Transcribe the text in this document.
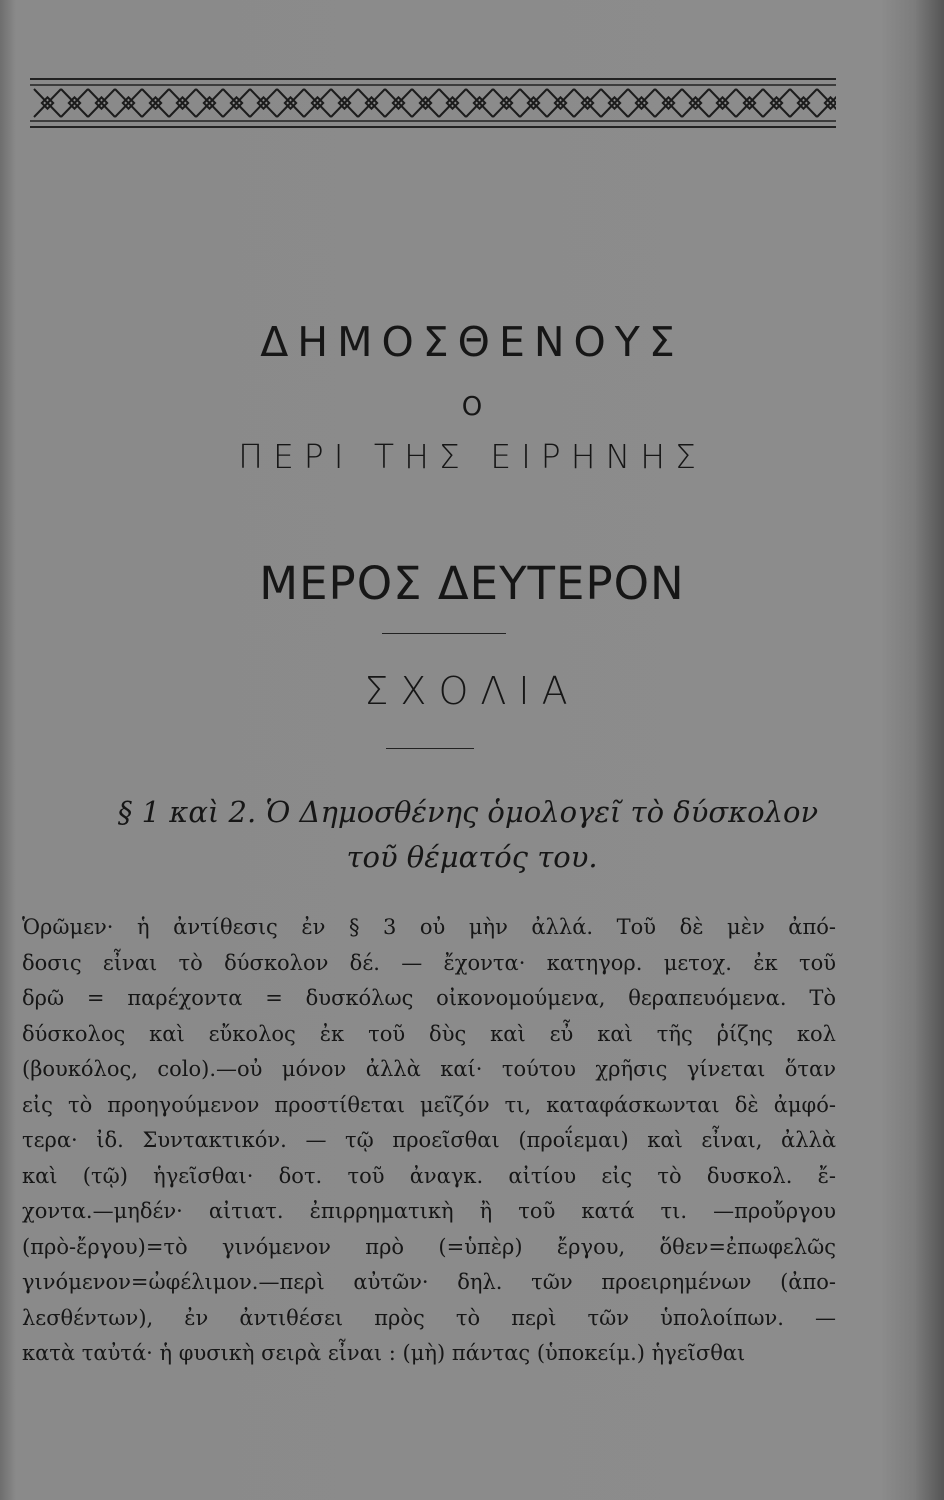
ΔΗΜΟΣΘΕΝΟΥΣ
Ο
ΠΕΡΙ ΤΗΣ ΕΙΡΗΝΗΣ
ΜΕΡΟΣ ΔΕΥΤΕΡΟΝ
ΣΧΟΛΙΑ
§ 1 καὶ 2. Ὁ Δημοσθένης ὁμολογεῖ τὸ δύσκολον
τοῦ θέματός του.
Ὁρῶμεν· ἡ ἀντίθεσις ἐν § 3 οὐ μὴν ἀλλά. Τοῦ δὲ μὲν ἀπό-
δοσις εἶναι τὸ δύσκολον δέ. — ἔχοντα· κατηγορ. μετοχ. ἐκ τοῦ
δρῶ = παρέχοντα = δυσκόλως οἰκονομούμενα, θεραπευόμενα. Τὸ
δύσκολος καὶ εὔκολος ἐκ τοῦ δὺς καὶ εὖ καὶ τῆς ῥίζης κολ
(βουκόλος, colo).—οὐ μόνον ἀλλὰ καί· τούτου χρῆσις γίνεται ὅταν
εἰς τὸ προηγούμενον προστίθεται μεῖζόν τι, καταφάσκωνται δὲ ἀμφό-
τερα· ἰδ. Συντακτικόν. — τῷ προεῖσθαι (προΐεμαι) καὶ εἶναι, ἀλλὰ
καὶ (τῷ) ἡγεῖσθαι· δοτ. τοῦ ἀναγκ. αἰτίου εἰς τὸ δυσκολ. ἔ-
χοντα.—μηδέν· αἰτιατ. ἐπιρρηματικὴ ἢ τοῦ κατά τι. —προὔργου
(πρὸ-ἔργου)=τὸ γινόμενον πρὸ (=ὑπὲρ) ἔργου, ὅθεν=ἐπωφελῶς
γινόμενον=ὠφέλιμον.—περὶ αὐτῶν· δηλ. τῶν προειρημένων (ἀπο-
λεσθέντων), ἐν ἀντιθέσει πρὸς τὸ περὶ τῶν ὑπολοίπων. —
κατὰ ταὐτά· ἡ φυσικὴ σειρὰ εἶναι : (μὴ) πάντας (ὑποκείμ.) ἡγεῖσθαι
